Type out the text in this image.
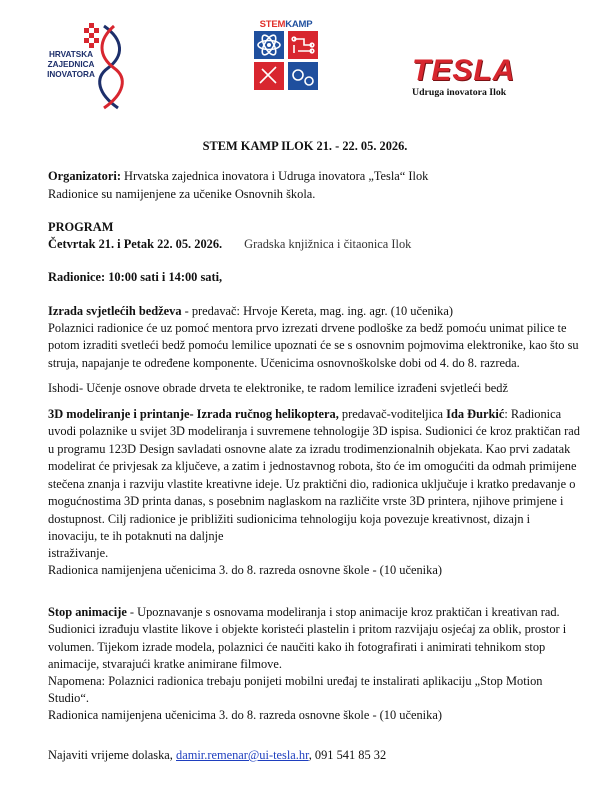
HRVATSKA
ZAJEDNICA
INOVATORA
STEMKAMP
TESLA
Udruga inovatora Ilok
STEM KAMP ILOK 21. - 22. 05. 2026.
Organizatori: Hrvatska zajednica inovatora i Udruga inovatora „Tesla“ Ilok
Radionice su namijenjene za učenike Osnovnih škola.
PROGRAM
Četvrtak 21. i Petak 22. 05. 2026. Gradska knjižnica i čitaonica Ilok
Radionice: 10:00 sati i 14:00 sati,
Izrada svjetlećih bedževa - predavač: Hrvoje Kereta, mag. ing. agr. (10 učenika)
Polaznici radionice će uz pomoć mentora prvo izrezati drvene podloške za bedž pomoću unimat pilice te
potom izraditi svetleći bedž pomoću lemilice upoznati će se s osnovnim pojmovima elektronike, kao što su
struja, napajanje te određene komponente. Učenicima osnovnoškolske dobi od 4. do 8. razreda.
Ishodi- Učenje osnove obrade drveta te elektronike, te radom lemilice izrađeni svjetleći bedž
3D modeliranje i printanje- Izrada ručnog helikoptera, predavač-voditeljica Ida Đurkić: Radionica
uvodi polaznike u svijet 3D modeliranja i suvremene tehnologije 3D ispisa. Sudionici će kroz praktičan rad
u programu 123D Design savladati osnovne alate za izradu trodimenzionalnih objekata. Kao prvi zadatak
modelirat će privjesak za ključeve, a zatim i jednostavnog robota, što će im omogućiti da odmah primijene
stečena znanja i razviju vlastite kreativne ideje. Uz praktični dio, radionica uključuje i kratko predavanje o
mogućnostima 3D printa danas, s posebnim naglaskom na različite vrste 3D printera, njihove primjene i
dostupnost. Cilj radionice je približiti sudionicima tehnologiju koja povezuje kreativnost, dizajn i
inovaciju, te ih potaknuti na daljnje
istraživanje.
Radionica namijenjena učenicima 3. do 8. razreda osnovne škole - (10 učenika)
Stop animacije - Upoznavanje s osnovama modeliranja i stop animacije kroz praktičan i kreativan rad.
Sudionici izrađuju vlastite likove i objekte koristeći plastelin i pritom razvijaju osjećaj za oblik, prostor i
volumen. Tijekom izrade modela, polaznici će naučiti kako ih fotografirati i animirati tehnikom stop
animacije, stvarajući kratke animirane filmove.
Napomena: Polaznici radionica trebaju ponijeti mobilni uređaj te instalirati aplikaciju „Stop Motion
Studio“.
Radionica namijenjena učenicima 3. do 8. razreda osnovne škole - (10 učenika)
Najaviti vrijeme dolaska, damir.remenar@ui-tesla.hr, 091 541 85 32
